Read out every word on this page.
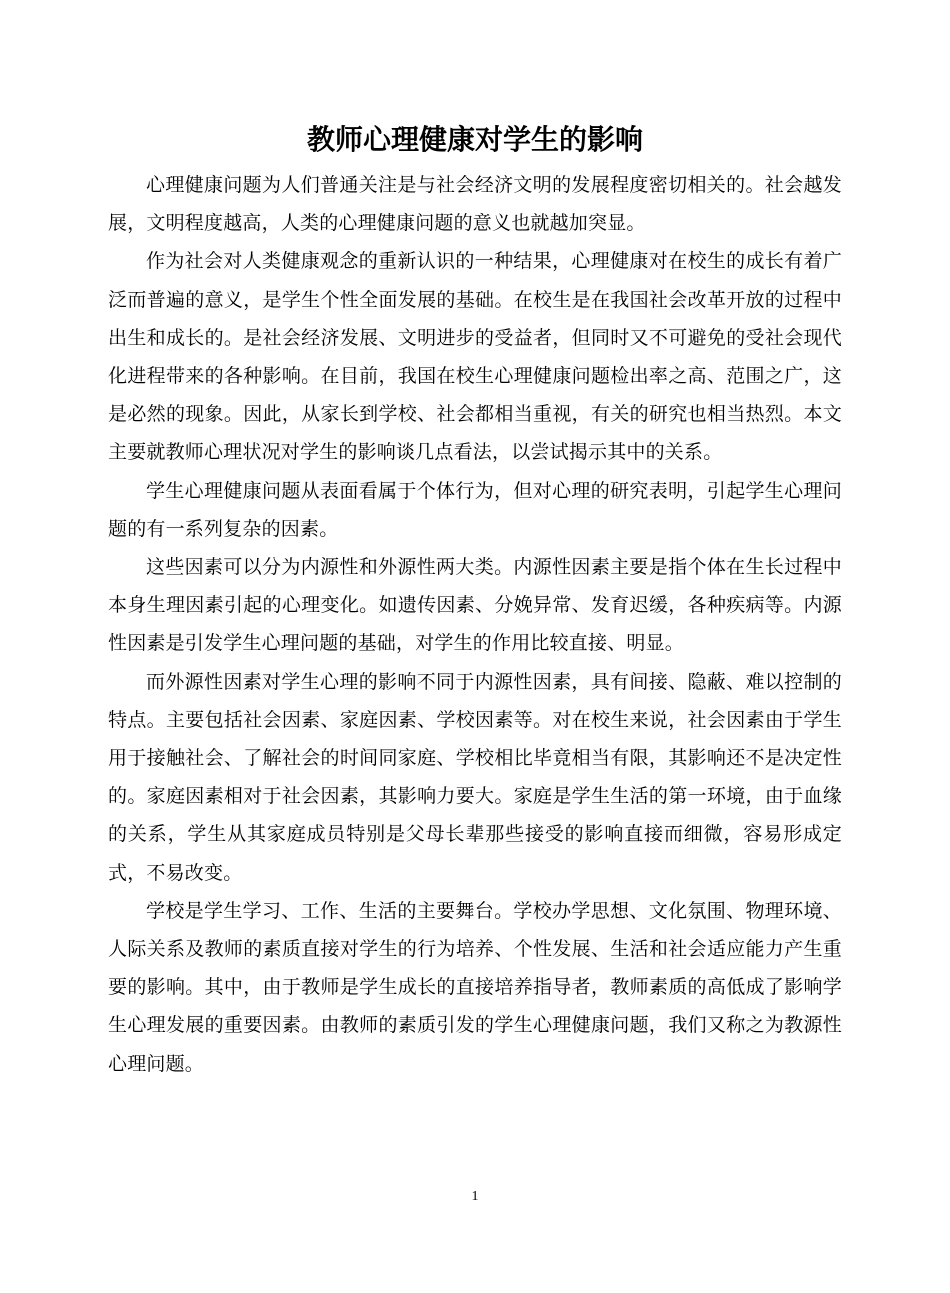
教师心理健康对学生的影响

心理健康问题为人们普通关注是与社会经济文明的发展程度密切相关的。社会越发展，文明程度越高，人类的心理健康问题的意义也就越加突显。

作为社会对人类健康观念的重新认识的一种结果，心理健康对在校生的成长有着广泛而普遍的意义，是学生个性全面发展的基础。在校生是在我国社会改革开放的过程中出生和成长的。是社会经济发展、文明进步的受益者，但同时又不可避免的受社会现代化进程带来的各种影响。在目前，我国在校生心理健康问题检出率之高、范围之广，这是必然的现象。因此，从家长到学校、社会都相当重视，有关的研究也相当热烈。本文主要就教师心理状况对学生的影响谈几点看法，以尝试揭示其中的关系。

学生心理健康问题从表面看属于个体行为，但对心理的研究表明，引起学生心理问题的有一系列复杂的因素。

这些因素可以分为内源性和外源性两大类。内源性因素主要是指个体在生长过程中本身生理因素引起的心理变化。如遗传因素、分娩异常、发育迟缓，各种疾病等。内源性因素是引发学生心理问题的基础，对学生的作用比较直接、明显。

而外源性因素对学生心理的影响不同于内源性因素，具有间接、隐蔽、难以控制的特点。主要包括社会因素、家庭因素、学校因素等。对在校生来说，社会因素由于学生用于接触社会、了解社会的时间同家庭、学校相比毕竟相当有限，其影响还不是决定性的。家庭因素相对于社会因素，其影响力要大。家庭是学生生活的第一环境，由于血缘的关系，学生从其家庭成员特别是父母长辈那些接受的影响直接而细微，容易形成定式，不易改变。

学校是学生学习、工作、生活的主要舞台。学校办学思想、文化氛围、物理环境、人际关系及教师的素质直接对学生的行为培养、个性发展、生活和社会适应能力产生重要的影响。其中，由于教师是学生成长的直接培养指导者，教师素质的高低成了影响学生心理发展的重要因素。由教师的素质引发的学生心理健康问题，我们又称之为教源性心理问题。

1
